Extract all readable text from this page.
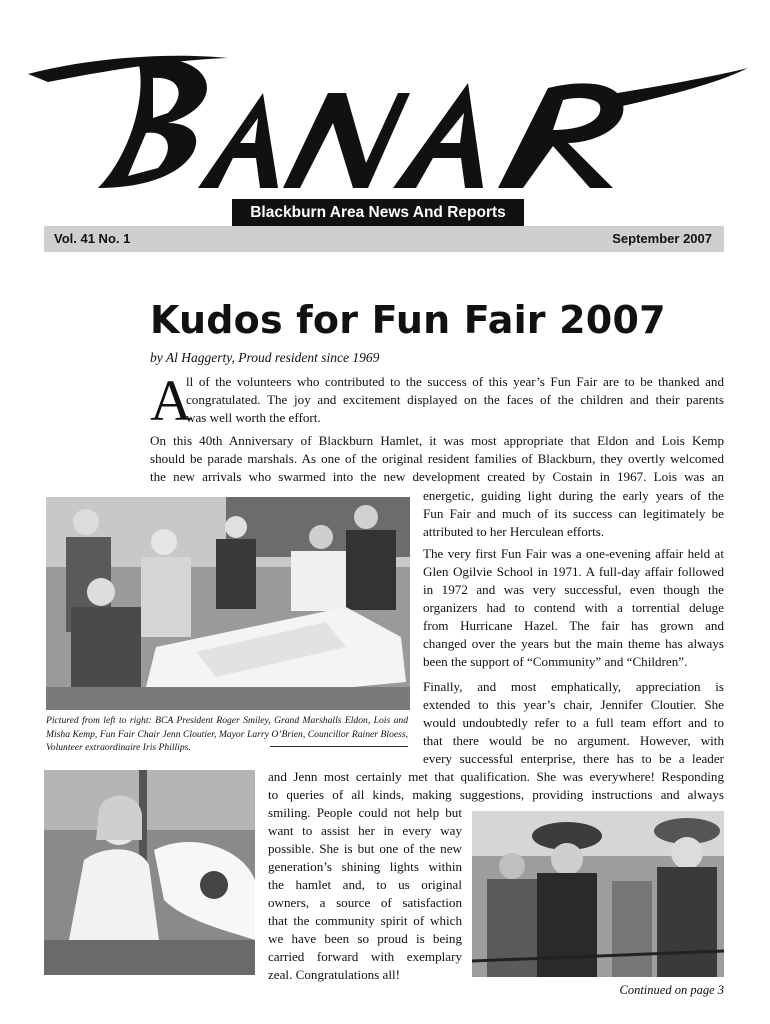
Blackburn Area News And Reports
Vol. 41 No. 1	September 2007
Kudos for Fun Fair 2007
by Al Haggerty, Proud resident since 1969
A
ll of the volunteers who contributed to the success of this year’s Fun Fair are to be thanked and
congratulated. The joy and excitement displayed on the faces of the children and their parents
was well worth the effort.
On this 40th Anniversary of Blackburn Hamlet, it was most appropriate that Eldon and Lois Kemp
should be parade marshals. As one of the original resident families of Blackburn, they overtly welcomed
the new arrivals who swarmed into the new development created by Costain in 1967. Lois was an
energetic, guiding light during the early years of the
Fun Fair and much of its success can legitimately be
attributed to her Herculean efforts.
The very first Fun Fair was a one-evening affair held at
Glen Ogilvie School in 1971. A full-day affair followed
in 1972 and was very successful, even though the
organizers had to contend with a torrential deluge
from Hurricane Hazel. The fair has grown and
changed over the years but the main theme has always
been the support of “Community” and “Children”.
Finally, and most emphatically, appreciation is
extended to this year’s chair, Jennifer Cloutier. She
would undoubtedly refer to a full team effort and to
that there would be no argument. However, with
every successful enterprise, there has to be a leader
and Jenn most certainly met that qualification. She was everywhere! Responding
to queries of all kinds, making suggestions, providing instructions and always
smiling. People could not help but
want to assist her in every way
possible. She is but one of the new
generation’s shining lights within
the hamlet and, to us original
owners, a source of satisfaction
that the community spirit of which
we have been so proud is being
carried forward with exemplary
zeal. Congratulations all!
Pictured from left to right: BCA President Roger Smiley, Grand Marshalls Eldon, Lois and Misha Kemp, Fun Fair Chair Jenn Cloutier, Mayor Larry O’Brien, Councillor Rainer Bloess, Volunteer extraordinaire Iris Phillips.
Continued on page 3
